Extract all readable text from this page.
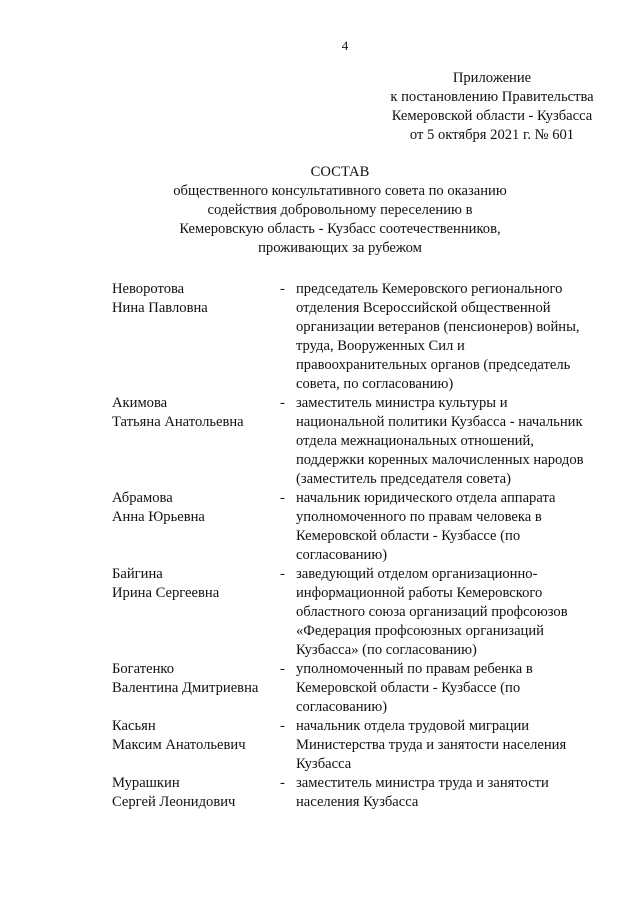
4
Приложение
к постановлению Правительства
Кемеровской области - Кузбасса
от 5 октября 2021 г. № 601
СОСТАВ
общественного консультативного совета по оказанию
содействия добровольному переселению в
Кемеровскую область - Кузбасс соотечественников,
проживающих за рубежом
Неворотова
Нина Павловна
- председатель Кемеровского регионального
отделения Всероссийской общественной
организации ветеранов (пенсионеров) войны,
труда, Вооруженных Сил и
правоохранительных органов (председатель
совета, по согласованию)
Акимова
Татьяна Анатольевна
- заместитель министра культуры и
национальной политики Кузбасса - начальник
отдела межнациональных отношений,
поддержки коренных малочисленных народов
(заместитель председателя совета)
Абрамова
Анна Юрьевна
- начальник юридического отдела аппарата
уполномоченного по правам человека в
Кемеровской области - Кузбассе (по
согласованию)
Байгина
Ирина Сергеевна
- заведующий отделом организационно-
информационной работы Кемеровского
областного союза организаций профсоюзов
«Федерация профсоюзных организаций
Кузбасса» (по согласованию)
Богатенко
Валентина Дмитриевна
- уполномоченный по правам ребенка в
Кемеровской области - Кузбассе (по
согласованию)
Касьян
Максим Анатольевич
- начальник отдела трудовой миграции
Министерства труда и занятости населения
Кузбасса
Мурашкин
Сергей Леонидович
- заместитель министра труда и занятости
населения Кузбасса
